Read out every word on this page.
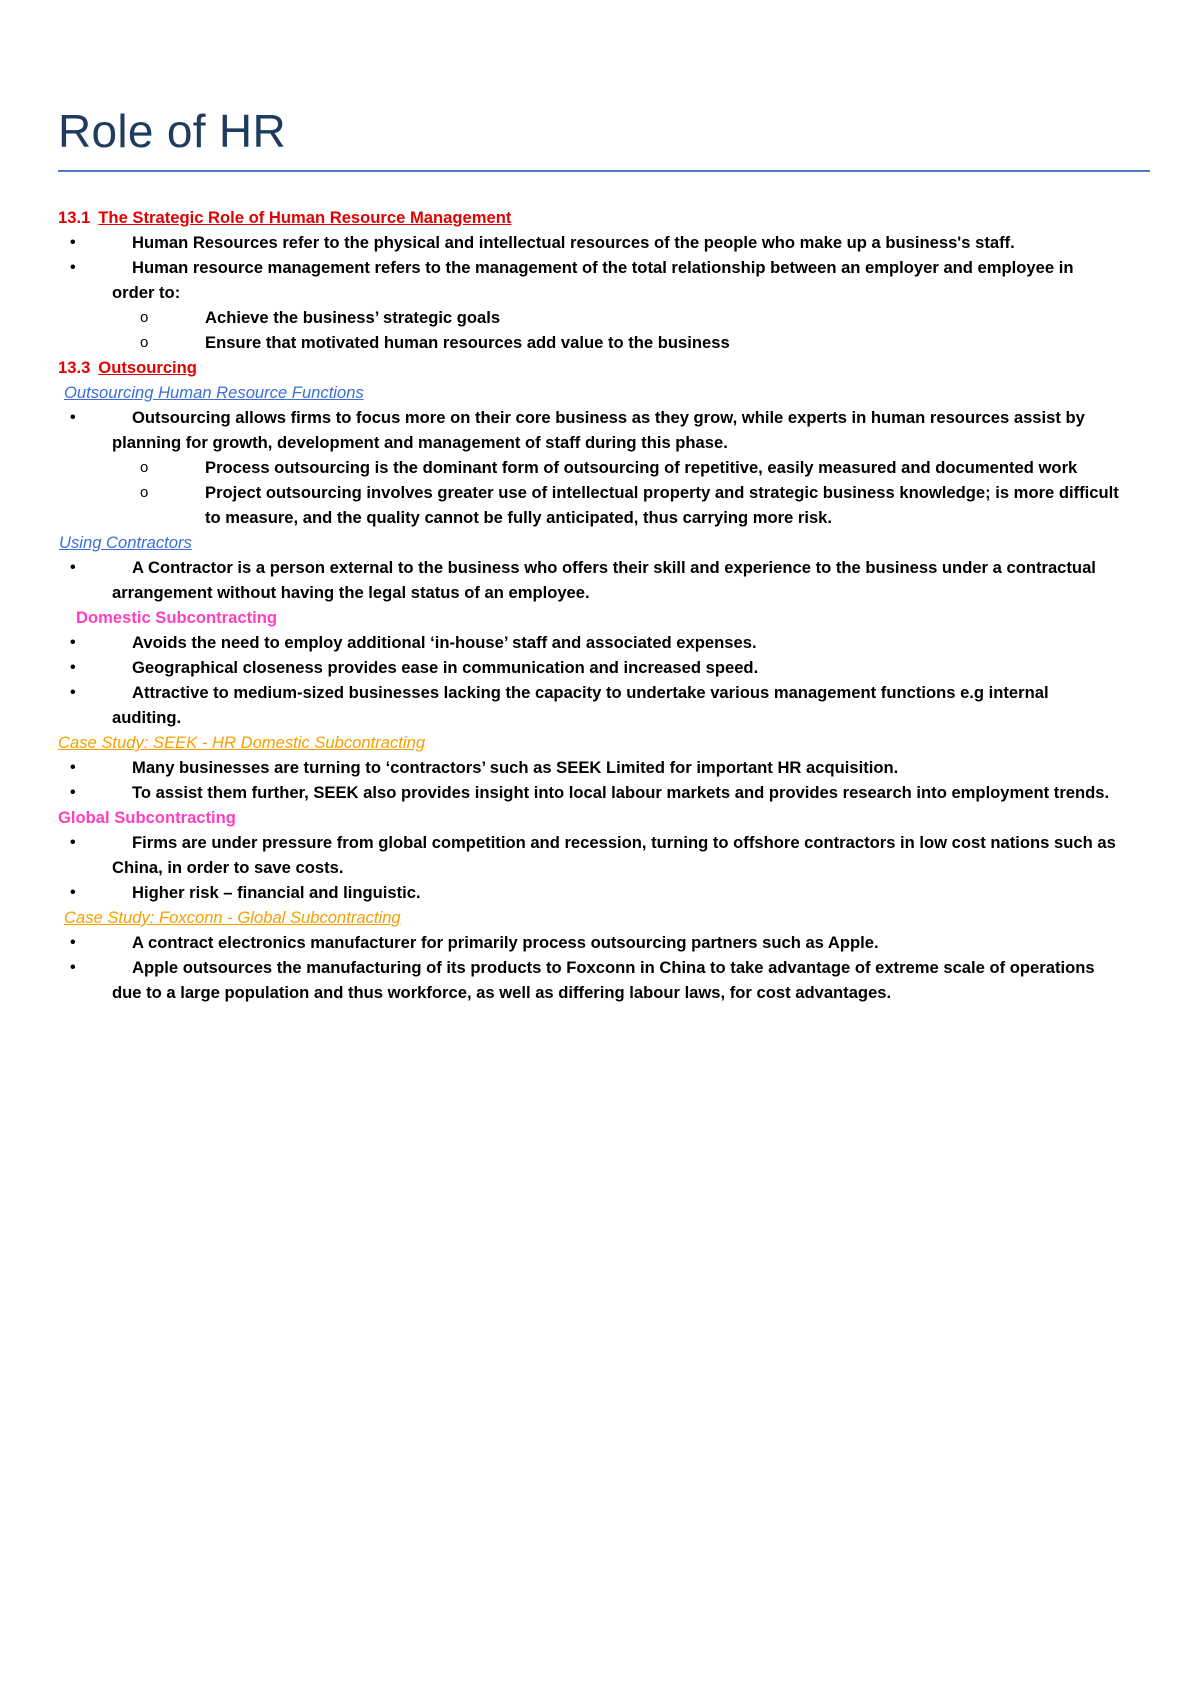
Role of HR
13.1 The Strategic Role of Human Resource Management
•	Human Resources refer to the physical and intellectual resources of the people who make up a business's staff.
•	Human resource management refers to the management of the total relationship between an employer and employee in
order to:
o	Achieve the business’ strategic goals
o	Ensure that motivated human resources add value to the business
13.3 Outsourcing
Outsourcing Human Resource Functions
•	Outsourcing allows firms to focus more on their core business as they grow, while experts in human resources assist by
planning for growth, development and management of staff during this phase.
o	Process outsourcing is the dominant form of outsourcing of repetitive, easily measured and documented work
o	Project outsourcing involves greater use of intellectual property and strategic business knowledge; is more difficult
to measure, and the quality cannot be fully anticipated, thus carrying more risk.
Using Contractors
•	A Contractor is a person external to the business who offers their skill and experience to the business under a contractual
arrangement without having the legal status of an employee.
Domestic Subcontracting
•	Avoids the need to employ additional ‘in-house’ staff and associated expenses.
•	Geographical closeness provides ease in communication and increased speed.
•	Attractive to medium-sized businesses lacking the capacity to undertake various management functions e.g internal
auditing.
Case Study: SEEK - HR Domestic Subcontracting
•	Many businesses are turning to ‘contractors’ such as SEEK Limited for important HR acquisition.
•	To assist them further, SEEK also provides insight into local labour markets and provides research into employment trends.
Global Subcontracting
•	Firms are under pressure from global competition and recession, turning to offshore contractors in low cost nations such as
China, in order to save costs.
•	Higher risk – financial and linguistic.
Case Study: Foxconn - Global Subcontracting
•	A contract electronics manufacturer for primarily process outsourcing partners such as Apple.
•	Apple outsources the manufacturing of its products to Foxconn in China to take advantage of extreme scale of operations
due to a large population and thus workforce, as well as differing labour laws, for cost advantages.
